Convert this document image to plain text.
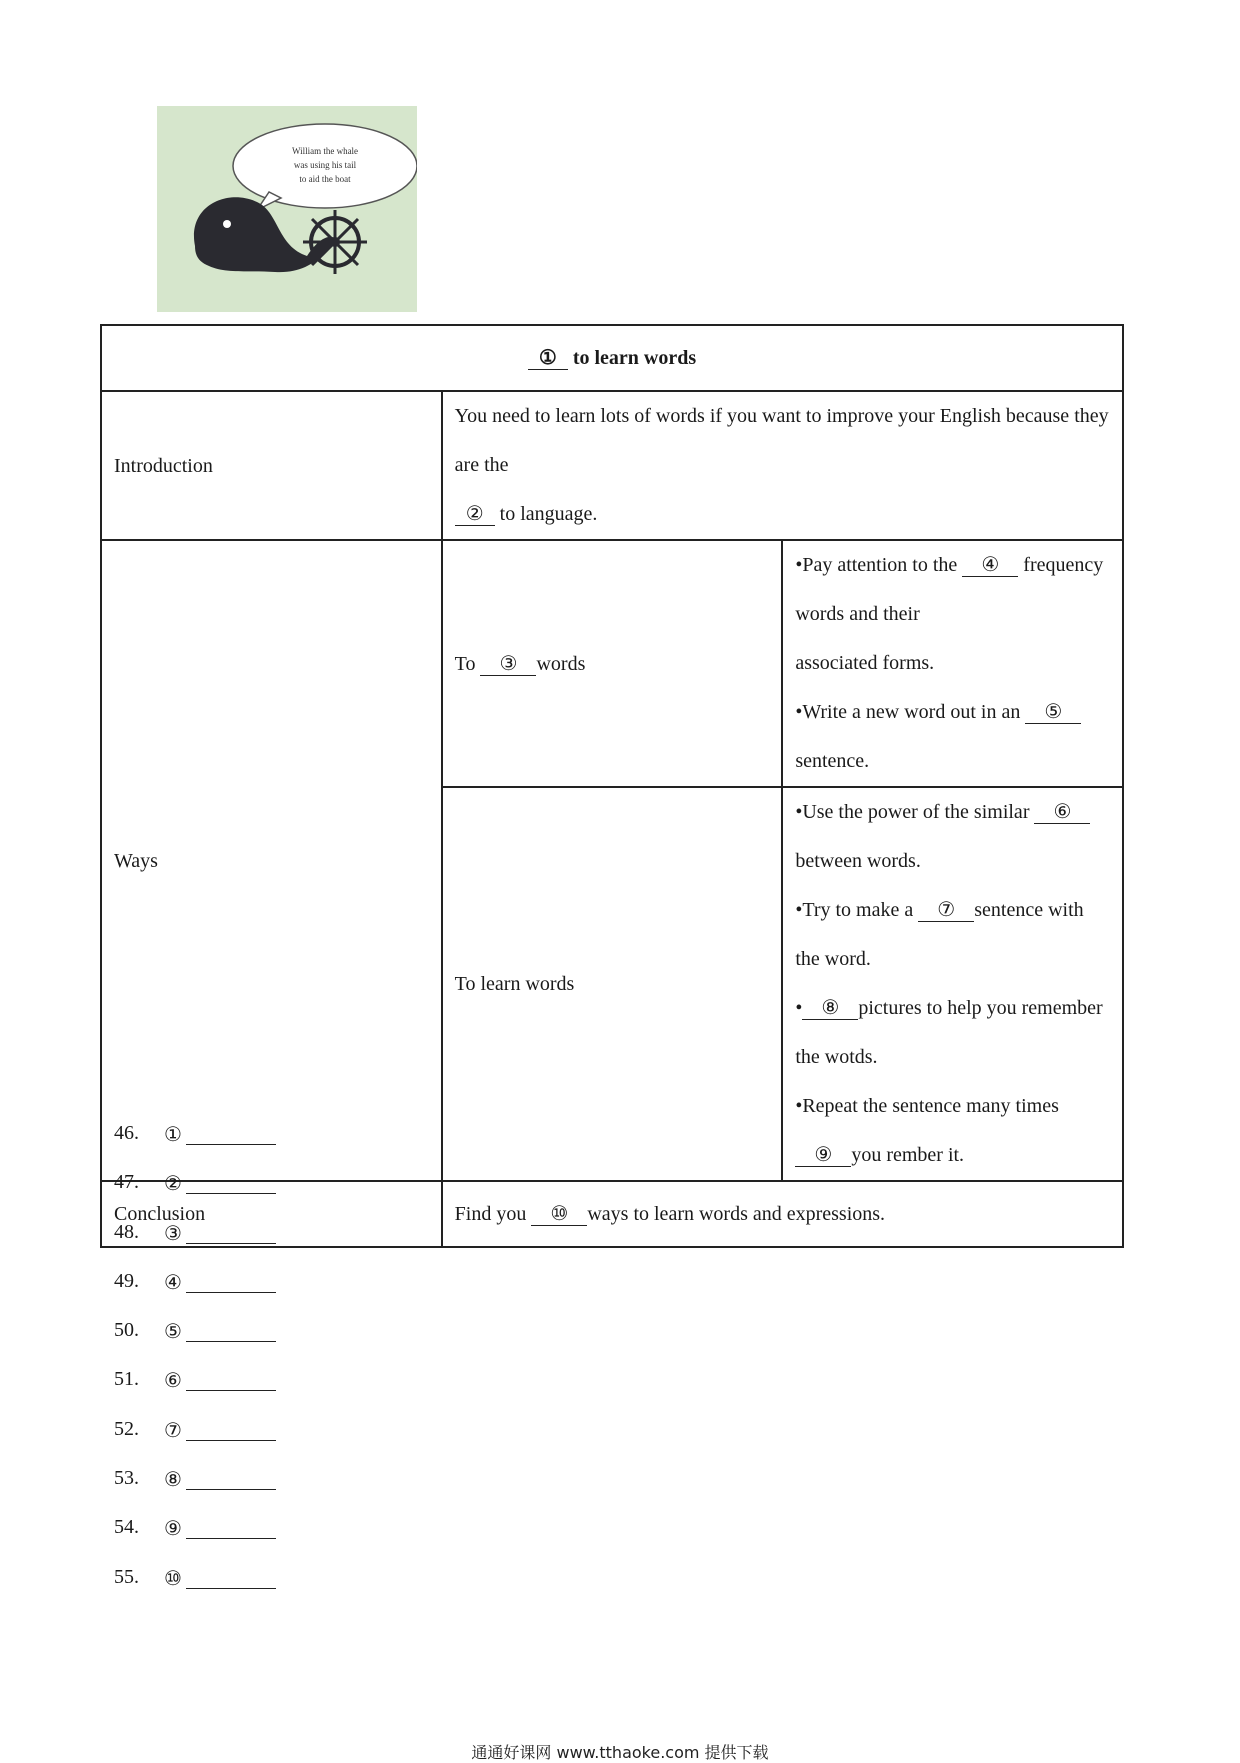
William the whale
was using his tail
to aid the boat
① to learn words		
Introduction	You need to learn lots of words if you want to improve your English because they are the
② to language.	

Ways	To ③ words	•Pay attention to the ④ frequency words and their
associated forms.
•Write a new word out in an ⑤sentence.

	To learn words	•Use the power of the similar ⑥ between words.
•Try to make a ⑦ sentence with the word.
• ⑧ pictures to help you remember the wotds.
•Repeat the sentence many times ⑨ you rember it.

Conclusion	Find you ⑩ ways to learn words and expressions.	
46.	①
47.	②
48.	③
49.	④
50.	⑤
51.	⑥
52.	⑦
53.	⑧
54.	⑨
55.	⑩
通通好课网 www.tthaoke.com 提供下载
